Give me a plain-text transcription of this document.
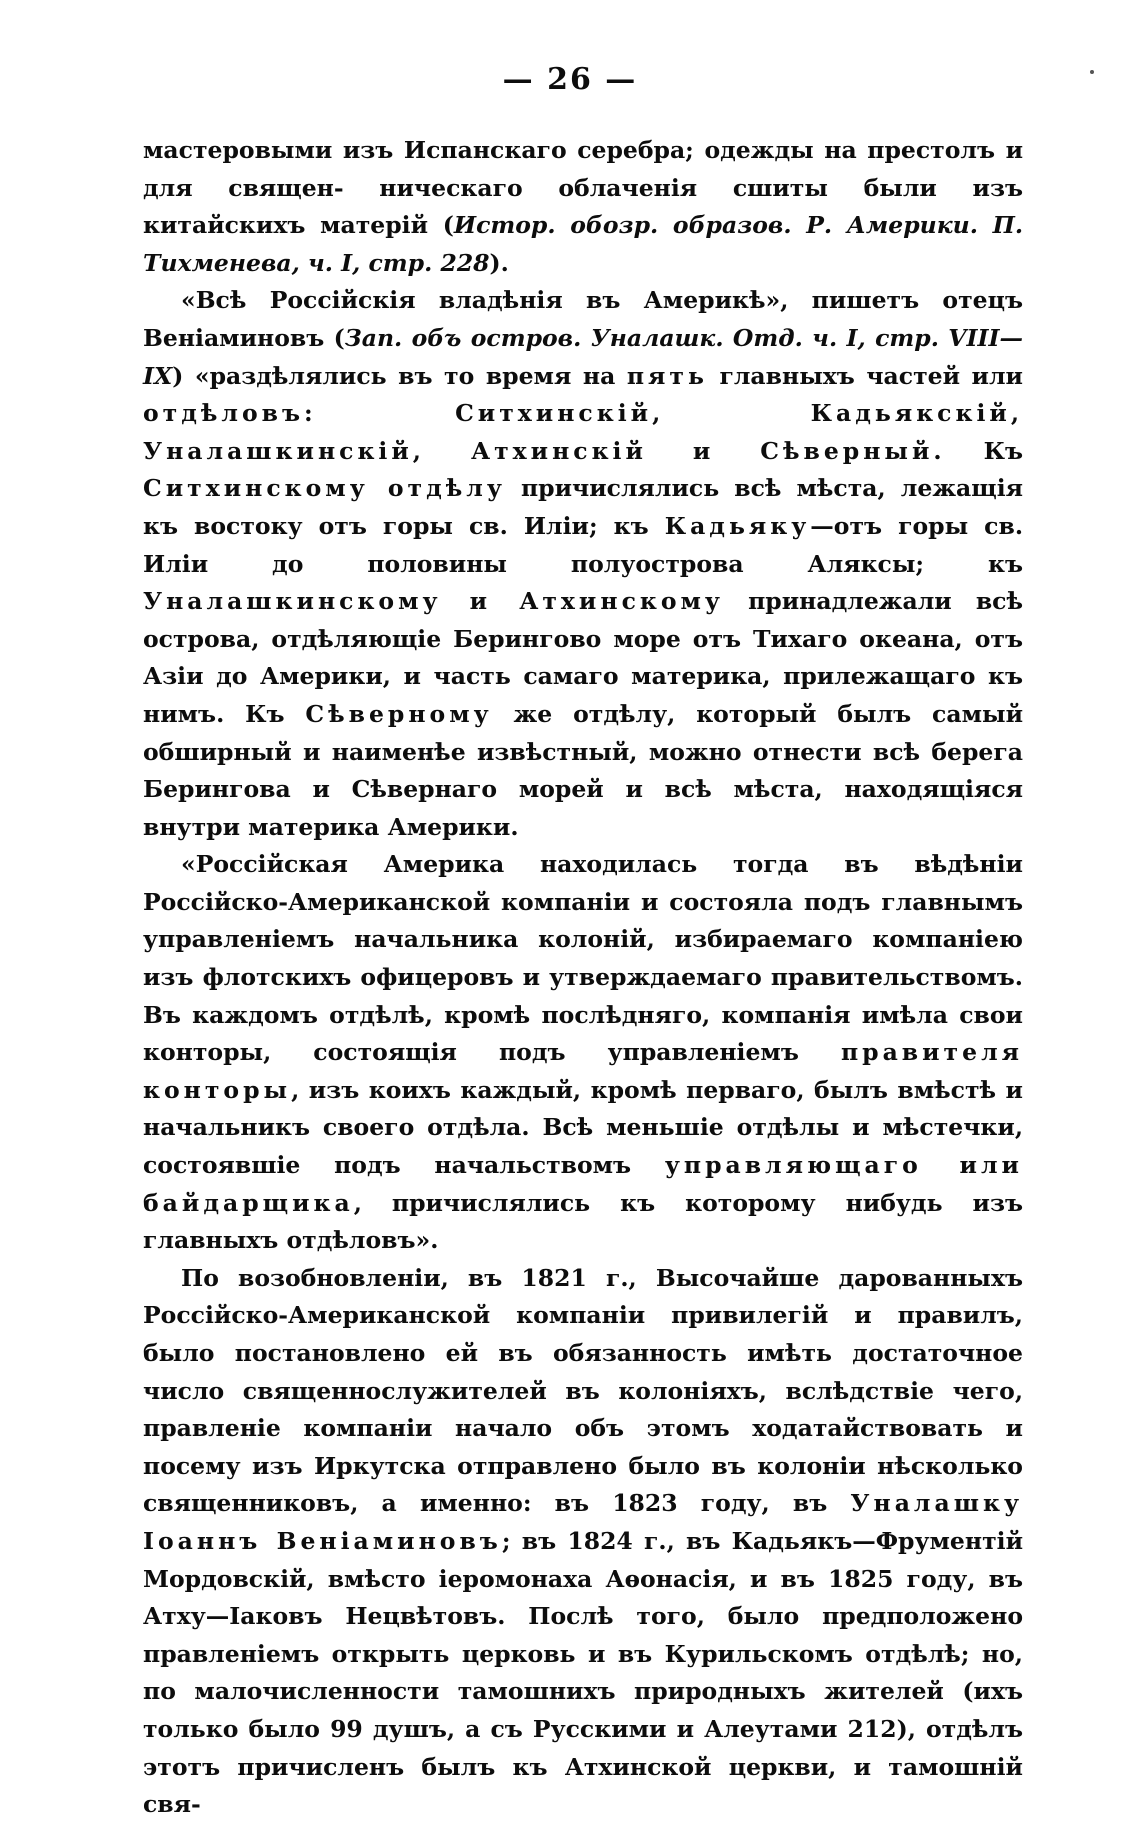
— 26 —

мастеровыми изъ Испанскаго серебра; одежды на престолъ и для священ- ническаго облаченія сшиты были изъ китайскихъ матерій (Истор. обозр. образов. Р. Америки. П. Тихменева, ч. I, стр. 228).

«Всѣ Россійскія владѣнія въ Америкѣ», пишетъ отецъ Веніаминовъ (Зап. объ остров. Уналашк. Отд. ч. I, стр. VIII—IX) «раздѣлялись въ то время на пять главныхъ частей или отдѣловъ: Ситхинскій, Кадьякскій, Уналашкинскій, Атхинскій и Сѣверный. Къ Ситхинскому отдѣлу причислялись всѣ мѣста, лежащія къ востоку отъ горы св. Иліи; къ Кадьяку—отъ горы св. Иліи до половины полуострова Аляксы; къ Уналашкинскому и Атхинскому принадлежали всѣ острова, отдѣляющіе Берингово море отъ Тихаго океана, отъ Азіи до Америки, и часть самаго материка, прилежащаго къ нимъ. Къ Сѣверному же отдѣлу, который былъ самый обширный и наименѣе извѣстный, можно отнести всѣ берега Берингова и Сѣвернаго морей и всѣ мѣста, находящіяся внутри материка Америки.

«Россійская Америка находилась тогда въ вѣдѣніи Россійско-Американской компаніи и состояла подъ главнымъ управленіемъ начальника колоній, избираемаго компаніею изъ флотскихъ офицеровъ и утверждаемаго правительствомъ. Въ каждомъ отдѣлѣ, кромѣ послѣдняго, компанія имѣла свои конторы, состоящія подъ управленіемъ правителя конторы, изъ коихъ каждый, кромѣ перваго, былъ вмѣстѣ и начальникъ своего отдѣла. Всѣ меньшіе отдѣлы и мѣстечки, состоявшіе подъ начальствомъ управляющаго или байдарщика, причислялись къ которому нибудь изъ главныхъ отдѣловъ».

По возобновленіи, въ 1821 г., Высочайше дарованныхъ Россійско-Американской компаніи привилегій и правилъ, было постановлено ей въ обязанность имѣть достаточное число священнослужителей въ колоніяхъ, вслѣдствіе чего, правленіе компаніи начало объ этомъ ходатайствовать и посему изъ Иркутска отправлено было въ колоніи нѣсколько священниковъ, а именно: въ 1823 году, въ Уналашку Іоаннъ Веніаминовъ; въ 1824 г., въ Кадьякъ—Фрументій Мордовскій, вмѣсто іеромонаха Аѳонасія, и въ 1825 году, въ Атху—Іаковъ Нецвѣтовъ. Послѣ того, было предположено правленіемъ открыть церковь и въ Курильскомъ отдѣлѣ; но, по малочисленности тамошнихъ природныхъ жителей (ихъ только было 99 душъ, а съ Русскими и Алеутами 212), отдѣлъ этотъ причисленъ былъ къ Атхинской церкви, и тамошній свя-
